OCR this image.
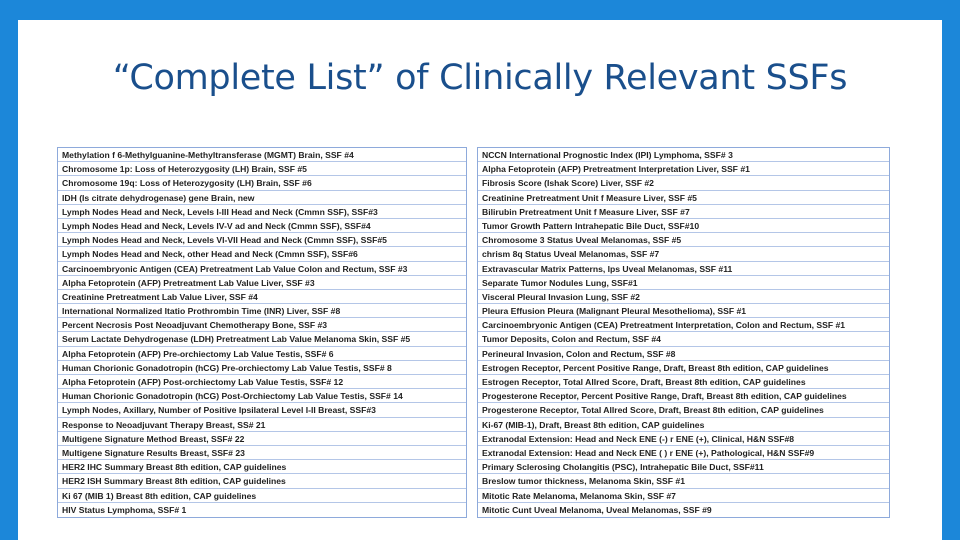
“Complete List” of Clinically Relevant SSFs
Methylation f 6-Methylguanine-Methyltransferase (MGMT) Brain, SSF #4
Chromosome 1p: Loss of Heterozygosity (LH) Brain, SSF #5
Chromosome 19q: Loss of Heterozygosity (LH) Brain, SSF #6
IDH (Is citrate dehydrogenase) gene Brain, new
Lymph Nodes Head and Neck, Levels I-III Head and Neck (Cmmn SSF), SSF#3
Lymph Nodes Head and Neck, Levels IV-V ad and Neck (Cmmn SSF), SSF#4
Lymph Nodes Head and Neck, Levels VI-VII Head and Neck (Cmmn SSF), SSF#5
Lymph Nodes Head and Neck, other Head and Neck (Cmmn SSF), SSF#6
Carcinoembryonic Antigen (CEA) Pretreatment Lab Value Colon and Rectum, SSF #3
Alpha Fetoprotein (AFP) Pretreatment Lab Value Liver, SSF #3
Creatinine Pretreatment Lab Value Liver, SSF #4
International Normalized Itatio Prothrombin Time (INR) Liver, SSF #8
Percent Necrosis Post Neoadjuvant Chemotherapy Bone, SSF #3
Serum Lactate Dehydrogenase (LDH) Pretreatment Lab Value Melanoma Skin, SSF #5
Alpha Fetoprotein (AFP) Pre-orchiectomy Lab Value Testis, SSF# 6
Human Chorionic Gonadotropin (hCG) Pre-orchiectomy Lab Value Testis, SSF# 8
Alpha Fetoprotein (AFP) Post-orchiectomy Lab Value Testis, SSF# 12
Human Chorionic Gonadotropin (hCG) Post-Orchiectomy Lab Value Testis, SSF# 14
Lymph Nodes, Axillary, Number of Positive Ipsilateral Level I-II Breast, SSF#3
Response to Neoadjuvant Therapy Breast, SS# 21
Multigene Signature Method Breast, SSF# 22
Multigene Signature Results Breast, SSF# 23
HER2 IHC Summary Breast 8th edition, CAP guidelines
HER2 ISH Summary Breast 8th edition, CAP guidelines
Ki 67 (MIB 1) Breast 8th edition, CAP guidelines
HIV Status Lymphoma, SSF# 1
NCCN International Prognostic Index (IPI) Lymphoma, SSF# 3
Alpha Fetoprotein (AFP) Pretreatment Interpretation Liver, SSF #1
Fibrosis Score (Ishak Score) Liver, SSF #2
Creatinine Pretreatment Unit f Measure Liver, SSF #5
Bilirubin Pretreatment Unit f Measure Liver, SSF #7
Tumor Growth Pattern Intrahepatic Bile Duct, SSF#10
Chromosome 3 Status Uveal Melanomas, SSF #5
chrism 8q Status Uveal Melanomas, SSF #7
Extravascular Matrix Patterns, Ips Uveal Melanomas, SSF #11
Separate Tumor Nodules Lung, SSF#1
Visceral Pleural Invasion Lung, SSF #2
Pleura Effusion Pleura (Malignant Pleural Mesothelioma), SSF #1
Carcinoembryonic Antigen (CEA) Pretreatment Interpretation, Colon and Rectum, SSF #1
Tumor Deposits, Colon and Rectum, SSF #4
Perineural Invasion, Colon and Rectum, SSF #8
Estrogen Receptor, Percent Positive Range, Draft, Breast 8th edition, CAP guidelines
Estrogen Receptor, Total Allred Score, Draft, Breast 8th edition, CAP guidelines
Progesterone Receptor, Percent Positive Range, Draft, Breast 8th edition, CAP guidelines
Progesterone Receptor, Total Allred Score, Draft, Breast 8th edition, CAP guidelines
Ki-67 (MIB-1), Draft, Breast 8th edition, CAP guidelines
Extranodal Extension: Head and Neck ENE (-) r ENE (+), Clinical, H&N SSF#8
Extranodal Extension: Head and Neck ENE ( ) r ENE (+), Pathological, H&N SSF#9
Primary Sclerosing Cholangitis (PSC), Intrahepatic Bile Duct, SSF#11
Breslow tumor thickness, Melanoma Skin, SSF #1
Mitotic Rate Melanoma, Melanoma Skin, SSF #7
Mitotic Cunt Uveal Melanoma, Uveal Melanomas, SSF #9
